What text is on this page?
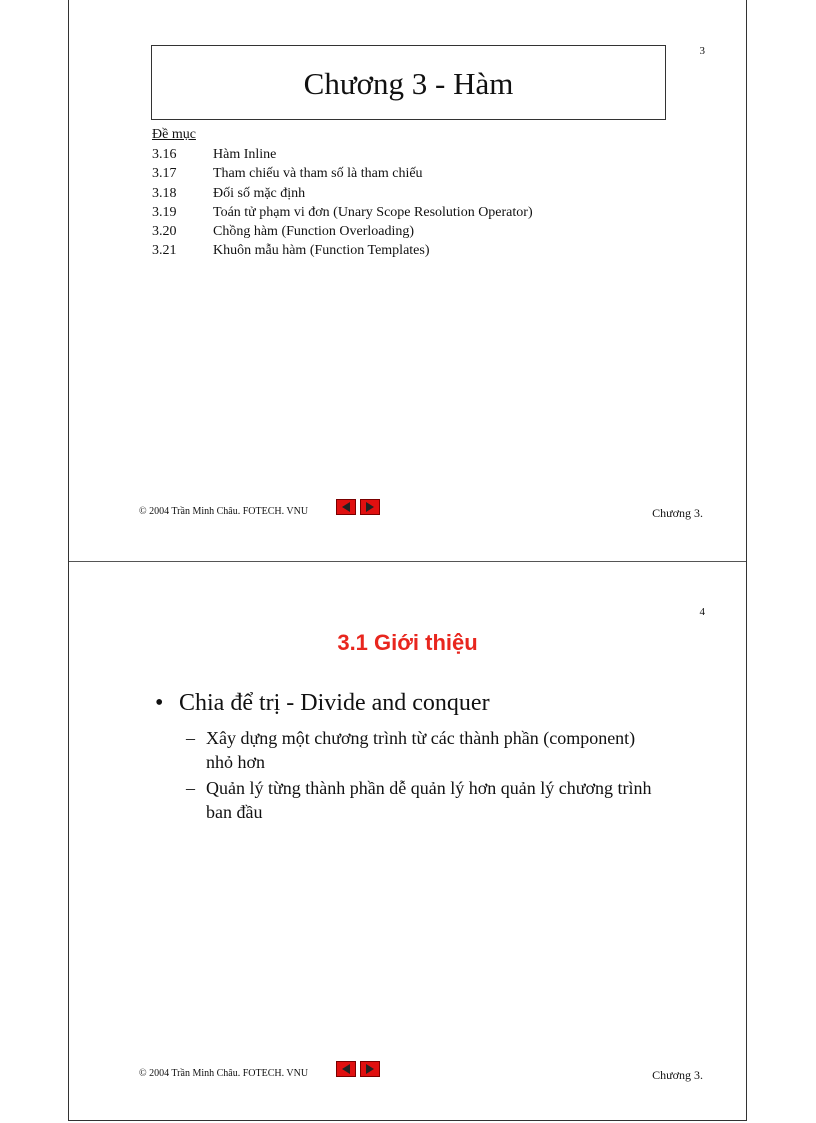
3
Chương 3 - Hàm
Đề mục
3.16	Hàm Inline
3.17	Tham chiếu và tham số là tham chiếu
3.18	Đối số mặc định
3.19	Toán tử phạm vi đơn (Unary Scope Resolution Operator)
3.20	Chồng hàm (Function Overloading)
3.21	Khuôn mẫu hàm (Function Templates)
© 2004 Trần Minh Châu. FOTECH. VNU	Chương 3.
4
3.1 Giới thiệu
• Chia để trị - Divide and conquer
– Xây dựng một chương trình từ các thành phần (component) nhỏ hơn
– Quản lý từng thành phần dễ quản lý hơn quản lý chương trình ban đầu
© 2004 Trần Minh Châu. FOTECH. VNU	Chương 3.
